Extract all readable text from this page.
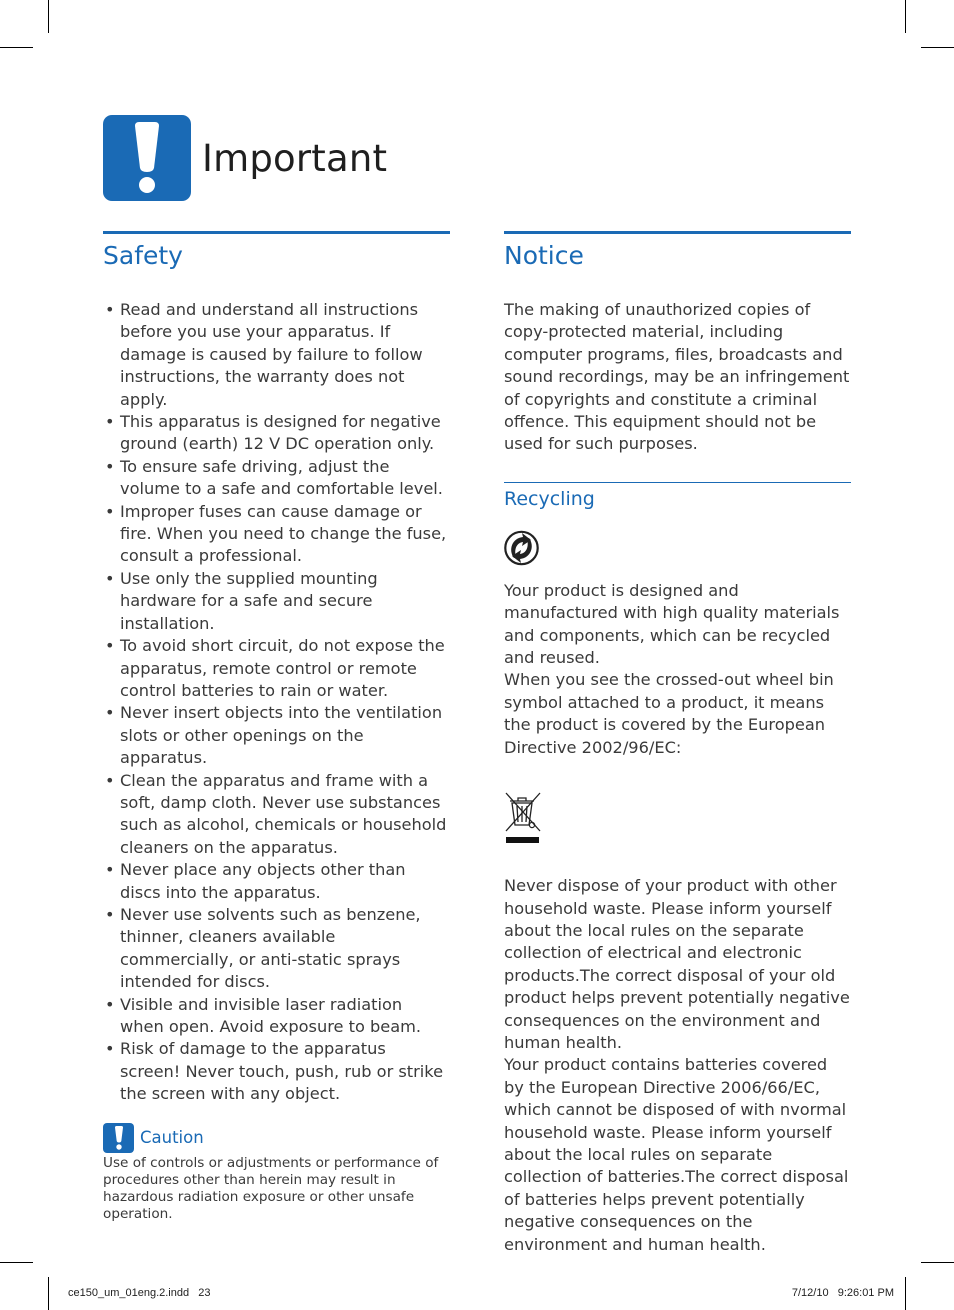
Important
Safety
• Read and understand all instructions before you use your apparatus. If damage is caused by failure to follow instructions, the warranty does not apply.
• This apparatus is designed for negative ground (earth) 12 V DC operation only.
• To ensure safe driving, adjust the volume to a safe and comfortable level.
• Improper fuses can cause damage or fire. When you need to change the fuse, consult a professional.
• Use only the supplied mounting hardware for a safe and secure installation.
• To avoid short circuit, do not expose the apparatus, remote control or remote control batteries to rain or water.
• Never insert objects into the ventilation slots or other openings on the apparatus.
• Clean the apparatus and frame with a soft, damp cloth. Never use substances such as alcohol, chemicals or household cleaners on the apparatus.
• Never place any objects other than discs into the apparatus.
• Never use solvents such as benzene, thinner, cleaners available commercially, or anti-static sprays intended for discs.
• Visible and invisible laser radiation when open. Avoid exposure to beam.
• Risk of damage to the apparatus screen! Never touch, push, rub or strike the screen with any object.
Caution
Use of controls or adjustments or performance of procedures other than herein may result in hazardous radiation exposure or other unsafe operation.
Notice
The making of unauthorized copies of copy-protected material, including computer programs, files, broadcasts and sound recordings, may be an infringement of copyrights and constitute a criminal offence. This equipment should not be used for such purposes.
Recycling
Your product is designed and manufactured with high quality materials and components, which can be recycled and reused.
When you see the crossed-out wheel bin symbol attached to a product, it means the product is covered by the European Directive 2002/96/EC:
Never dispose of your product with other household waste. Please inform yourself about the local rules on the separate collection of electrical and electronic products.The correct disposal of your old product helps prevent potentially negative consequences on the environment and human health.
Your product contains batteries covered by the European Directive 2006/66/EC, which cannot be disposed of with nvormal household waste. Please inform yourself about the local rules on separate collection of batteries.The correct disposal of batteries helps prevent potentially negative consequences on the environment and human health.
ce150_um_01eng.2.indd   23	7/12/10   9:26:01 PM
